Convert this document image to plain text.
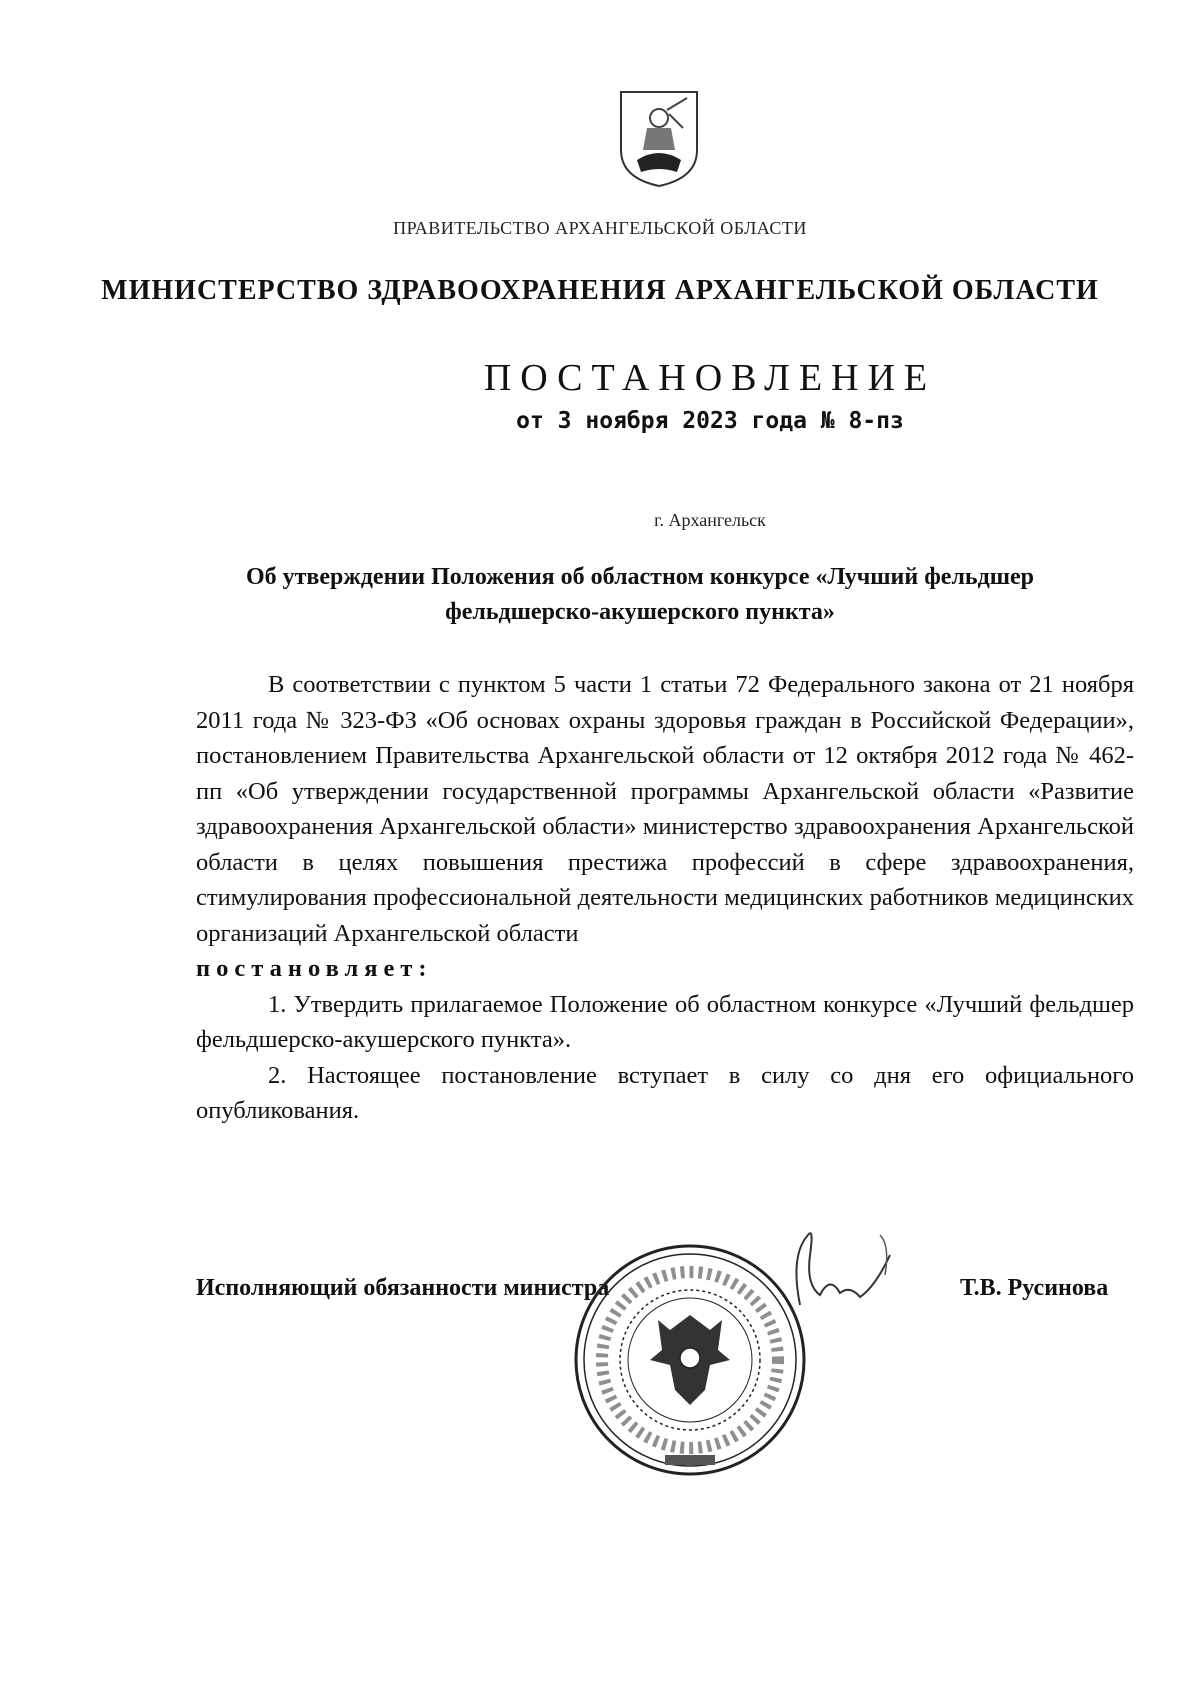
ПРАВИТЕЛЬСТВО АРХАНГЕЛЬСКОЙ ОБЛАСТИ
МИНИСТЕРСТВО ЗДРАВООХРАНЕНИЯ АРХАНГЕЛЬСКОЙ ОБЛАСТИ
ПОСТАНОВЛЕНИЕ
от 3 ноября 2023 года № 8-пз
г. Архангельск
Об утверждении Положения об областном конкурсе «Лучший фельдшер
фельдшерско-акушерского пункта»

В соответствии с пунктом 5 части 1 статьи 72 Федерального закона от 21 ноября 2011 года № 323-ФЗ «Об основах охраны здоровья граждан в Российской Федерации», постановлением Правительства Архангельской области от 12 октября 2012 года № 462-пп «Об утверждении государственной программы Архангельской области «Развитие здравоохранения Архангельской области» министерство здравоохранения Архангельской области в целях повышения престижа профессий в сфере здравоохранения, стимулирования профессиональной деятельности медицинских работников медицинских организаций Архангельской области

постановляет:

1. Утвердить прилагаемое Положение об областном конкурсе «Лучший фельдшер фельдшерско-акушерского пункта».

2. Настоящее постановление вступает в силу со дня его официального опубликования.

Исполняющий обязанности министра	Т.В. Русинова
